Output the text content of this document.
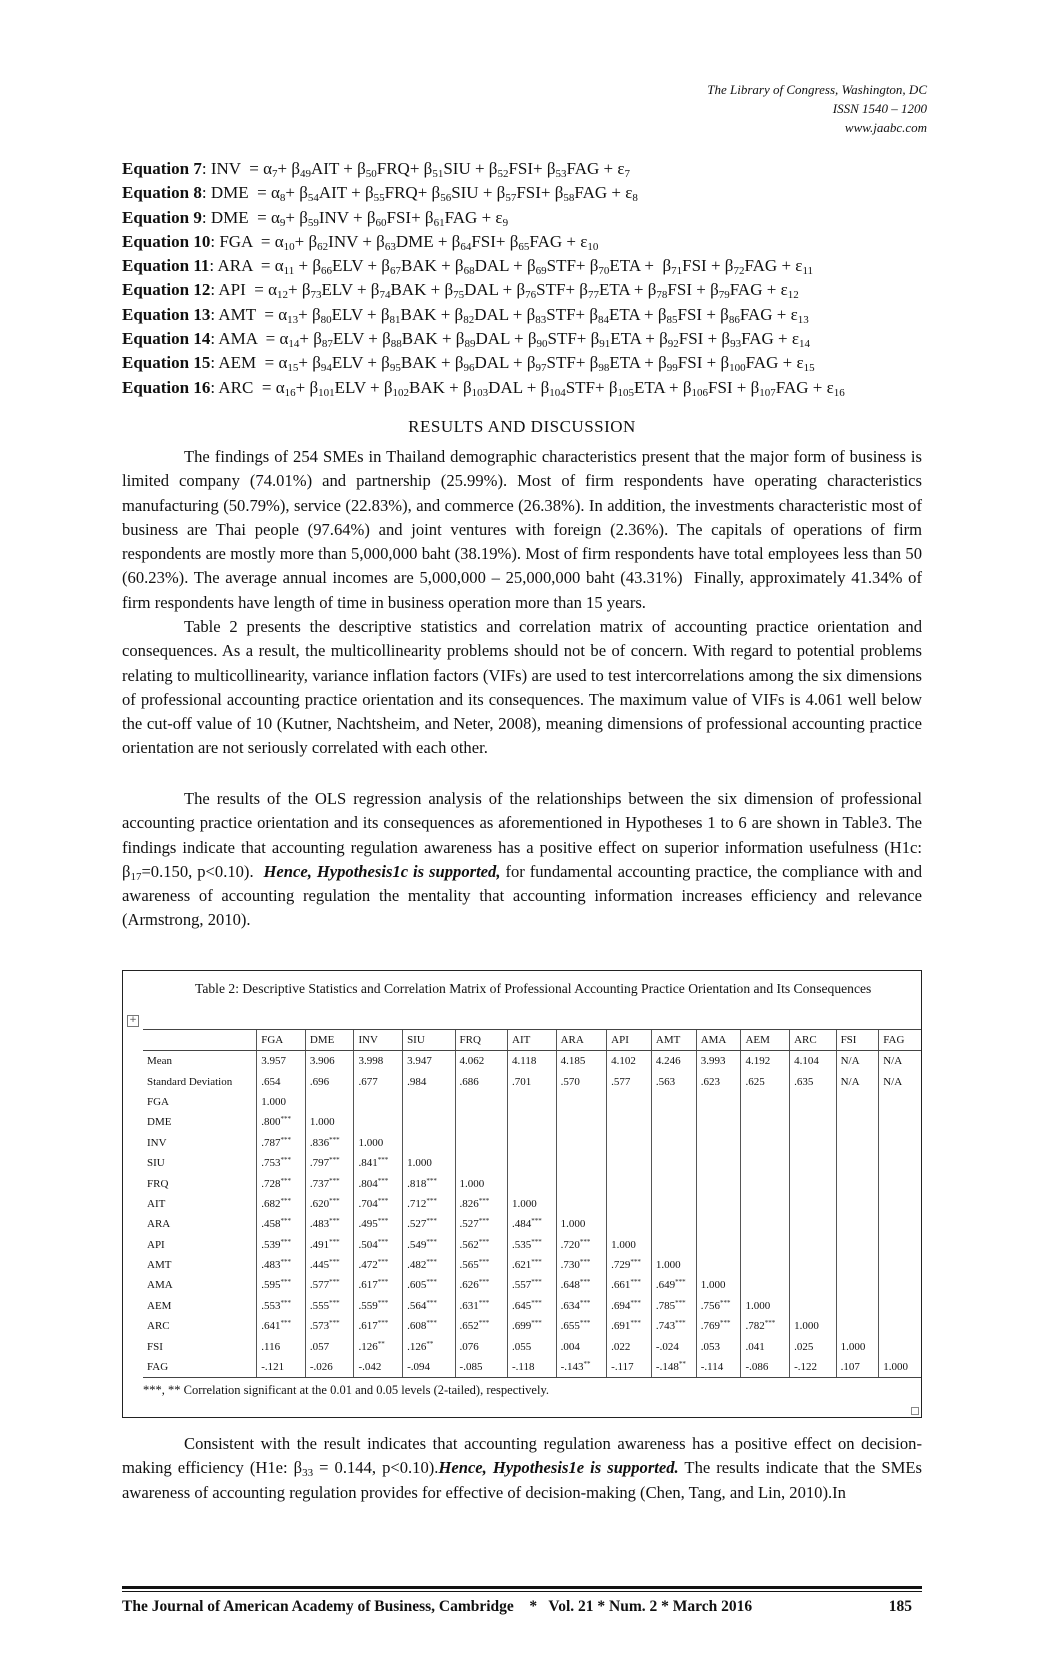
The Library of Congress, Washington, DC
ISSN 1540 – 1200
www.jaabc.com
Equation 7: INV = $\alpha_7+ \beta_{49}AIT + \beta_{50}FRQ+ \beta_{51}SIU + \beta_{52}FSI+ \beta_{53}FAG + \varepsilon_7$
Equation 8: DME = $\alpha_8+ \beta_{54}AIT + \beta_{55}FRQ+ \beta_{56}SIU + \beta_{57}FSI+ \beta_{58}FAG + \varepsilon_8$
Equation 9: DME = $\alpha_9+ \beta_{59}INV + \beta_{60}FSI+ \beta_{61}FAG + \varepsilon_9$
Equation 10: FGA = $\alpha_{10}+ \beta_{62}INV + \beta_{63}DME + \beta_{64}FSI+ \beta_{65}FAG + \varepsilon_{10}$
Equation 11: ARA = $\alpha_{11} + \beta_{66}ELV + \beta_{67}BAK + \beta_{68}DAL + \beta_{69}STF+ \beta_{70}ETA + \beta_{71}FSI + \beta_{72}FAG + \varepsilon_{11}$
Equation 12: API = $\alpha_{12}+ \beta_{73}ELV + \beta_{74}BAK + \beta_{75}DAL + \beta_{76}STF+ \beta_{77}ETA + \beta_{78}FSI + \beta_{79}FAG + \varepsilon_{12}$
Equation 13: AMT = $\alpha_{13}+ \beta_{80}ELV + \beta_{81}BAK + \beta_{82}DAL + \beta_{83}STF+ \beta_{84}ETA + \beta_{85}FSI + \beta_{86}FAG + \varepsilon_{13}$
Equation 14: AMA = $\alpha_{14}+ \beta_{87}ELV + \beta_{88}BAK + \beta_{89}DAL + \beta_{90}STF+ \beta_{91}ETA + \beta_{92}FSI + \beta_{93}FAG + \varepsilon_{14}$
Equation 15: AEM = $\alpha_{15}+ \beta_{94}ELV + \beta_{95}BAK + \beta_{96}DAL + \beta_{97}STF+ \beta_{98}ETA + \beta_{99}FSI + \beta_{100}FAG + \varepsilon_{15}$
Equation 16: ARC = $\alpha_{16}+ \beta_{101}ELV + \beta_{102}BAK + \beta_{103}DAL + \beta_{104}STF+ \beta_{105}ETA + \beta_{106}FSI + \beta_{107}FAG + \varepsilon_{16}$
RESULTS AND DISCUSSION

The findings of 254 SMEs in Thailand demographic characteristics present that the major form of business is limited company (74.01%) and partnership (25.99%). Most of firm respondents have operating characteristics manufacturing (50.79%), service (22.83%), and commerce (26.38%). In addition, the investments characteristic most of business are Thai people (97.64%) and joint ventures with foreign (2.36%). The capitals of operations of firm respondents are mostly more than 5,000,000 baht (38.19%). Most of firm respondents have total employees less than 50 (60.23%). The average annual incomes are 5,000,000 – 25,000,000 baht (43.31%)  Finally, approximately 41.34% of firm respondents have length of time in business operation more than 15 years.

Table 2 presents the descriptive statistics and correlation matrix of accounting practice orientation and consequences. As a result, the multicollinearity problems should not be of concern. With regard to potential problems relating to multicollinearity, variance inflation factors (VIFs) are used to test intercorrelations among the six dimensions of professional accounting practice orientation and its consequences. The maximum value of VIFs is 4.061 well below the cut-off value of 10 (Kutner, Nachtsheim, and Neter, 2008), meaning dimensions of professional accounting practice orientation are not seriously correlated with each other.

The results of the OLS regression analysis of the relationships between the six dimension of professional accounting practice orientation and its consequences as aforementioned in Hypotheses 1 to 6 are shown in Table3. The findings indicate that accounting regulation awareness has a positive effect on superior information usefulness (H1c: $\beta_{17}=0.150$, p<0.10).  Hence, Hypothesis1c is supported, for fundamental accounting practice, the compliance with and awareness of accounting regulation the mentality that accounting information increases efficiency and relevance (Armstrong, 2010).

Table 2: Descriptive Statistics and Correlation Matrix of Professional Accounting Practice Orientation and Its Consequences
+
	FGA	DME	INV	SIU	FRQ	AIT	ARA	API	AMT	AMA	AEM	ARC	FSI	FAG
Mean	3.957	3.906	3.998	3.947	4.062	4.118	4.185	4.102	4.246	3.993	4.192	4.104	N/A	N/A
Standard Deviation	.654	.696	.677	.984	.686	.701	.570	.577	.563	.623	.625	.635	N/A	N/A
FGA	1.000													
DME	.800***	1.000												
INV	.787***	.836***	1.000											
SIU	.753***	.797***	.841***	1.000										
FRQ	.728***	.737***	.804***	.818***	1.000									
AIT	.682***	.620***	.704***	.712***	.826***	1.000								
ARA	.458***	.483***	.495***	.527***	.527***	.484***	1.000							
API	.539***	.491***	.504***	.549***	.562***	.535***	.720***	1.000						
AMT	.483***	.445***	.472***	.482***	.565***	.621***	.730***	.729***	1.000					
AMA	.595***	.577***	.617***	.605***	.626***	.557***	.648***	.661***	.649***	1.000				
AEM	.553***	.555***	.559***	.564***	.631***	.645***	.634***	.694***	.785***	.756***	1.000			
ARC	.641***	.573***	.617***	.608***	.652***	.699***	.655***	.691***	.743***	.769***	.782***	1.000		
FSI	.116	.057	.126**	.126**	.076	.055	.004	.022	-.024	.053	.041	.025	1.000	
FAG	-.121	-.026	-.042	-.094	-.085	-.118	-.143**	-.117	-.148**	-.114	-.086	-.122	.107	1.000
***, ** Correlation significant at the 0.01 and 0.05 levels (2-tailed), respectively.

Consistent with the result indicates that accounting regulation awareness has a positive effect on decision-making efficiency (H1e: $\beta_{33} = 0.144$, p<0.10).Hence, Hypothesis1e is supported. The results indicate that the SMEs awareness of accounting regulation provides for effective of decision-making (Chen, Tang, and Lin, 2010).In

The Journal of American Academy of Business, Cambridge * Vol. 21 * Num. 2 * March 2016	185
